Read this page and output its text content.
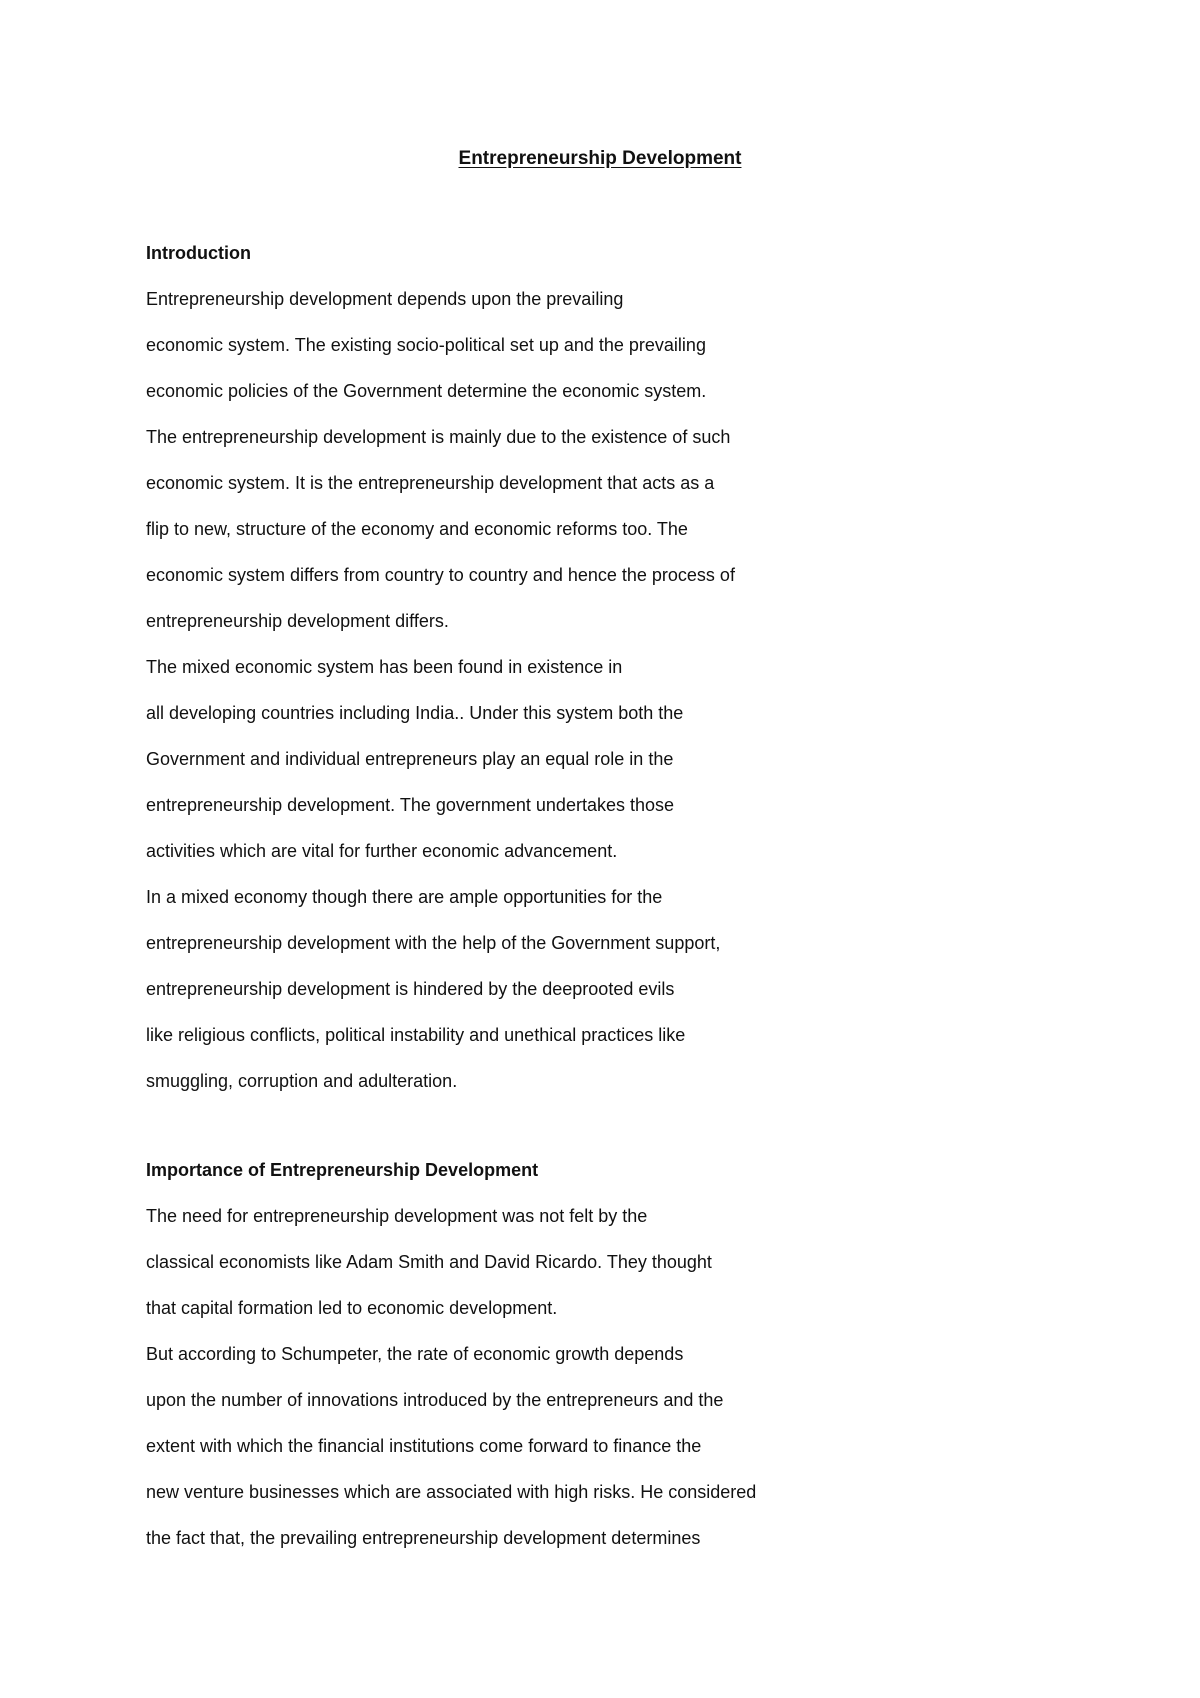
Entrepreneurship Development
Introduction

Entrepreneurship development depends upon the prevailing

economic system. The existing socio-political set up and the prevailing

economic policies of the Government determine the economic system.

The entrepreneurship development is mainly due to the existence of such

economic system. It is the entrepreneurship development that acts as a

flip to new, structure of the economy and economic reforms too. The

economic system differs from country to country and hence the process of

entrepreneurship development differs.

The mixed economic system has been found in existence in

all developing countries including India.. Under this system both the

Government and individual entrepreneurs play an equal role in the

entrepreneurship development. The government undertakes those

activities which are vital for further economic advancement.

In a mixed economy though there are ample opportunities for the

entrepreneurship development with the help of the Government support,

entrepreneurship development is hindered by the deeprooted evils

like religious conflicts, political instability and unethical practices like

smuggling, corruption and adulteration.

Importance of Entrepreneurship Development

The need for entrepreneurship development was not felt by the

classical economists like Adam Smith and David Ricardo. They thought

that capital formation led to economic development.

But according to Schumpeter, the rate of economic growth depends

upon the number of innovations introduced by the entrepreneurs and the

extent with which the financial institutions come forward to finance the

new venture businesses which are associated with high risks. He considered

the fact that, the prevailing entrepreneurship development determines
